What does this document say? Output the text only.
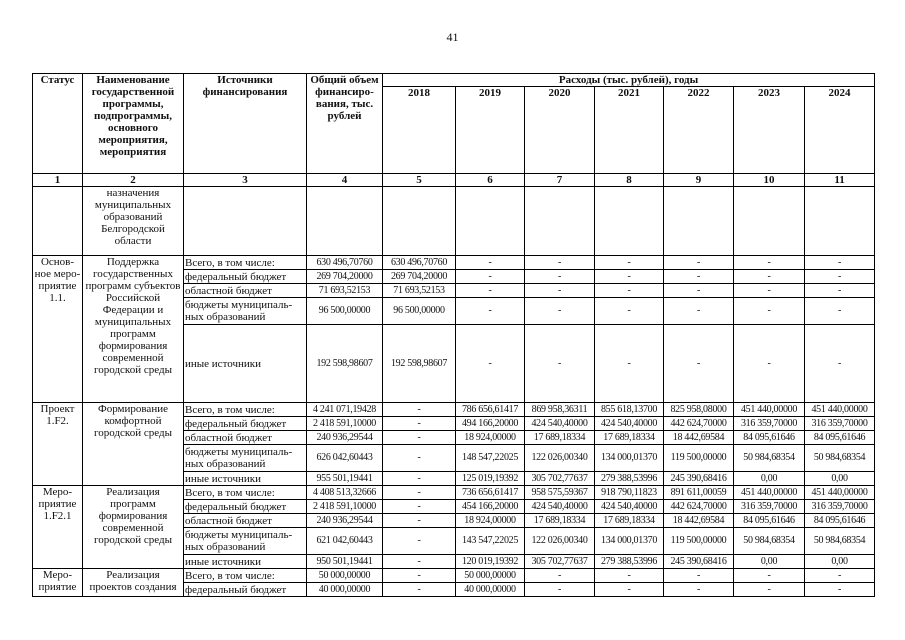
41
Статус	Наименование государственной программы, подпрограммы, основного мероприятия, мероприятия	Источники финансирования	Общий объем финансиро-вания, тыс. рублей	Расходы (тыс. рублей), годы						
				2018	2019	2020	2021	2022	2023	2024
1	2	3	4	5	6	7	8	9	10	11
	назначения муниципальных образований Белгородской области									
Основ-ное меро-приятие 1.1.	Поддержка государственных программ субъектов Российской Федерации и муниципальных программ формирования современной городской среды	Всего, в том числе:	630 496,70760	630 496,70760	-	-	-	-	-	-
		федеральный бюджет	269 704,20000	269 704,20000	-	-	-	-	-	-
		областной бюджет	71 693,52153	71 693,52153	-	-	-	-	-	-
		бюджеты муниципаль-ных образований	96 500,00000	96 500,00000	-	-	-	-	-	-
		иные источники	192 598,98607	192 598,98607	-	-	-	-	-	-
Проект 1.F2.	Формирование комфортной городской среды	Всего, в том числе:	4 241 071,19428	-	786 656,61417	869 958,36311	855 618,13700	825 958,08000	451 440,00000	451 440,00000
		федеральный бюджет	2 418 591,10000	-	494 166,20000	424 540,40000	424 540,40000	442 624,70000	316 359,70000	316 359,70000
		областной бюджет	240 936,29544	-	18 924,00000	17 689,18334	17 689,18334	18 442,69584	84 095,61646	84 095,61646
		бюджеты муниципаль-ных образований	626 042,60443	-	148 547,22025	122 026,00340	134 000,01370	119 500,00000	50 984,68354	50 984,68354
		иные источники	955 501,19441	-	125 019,19392	305 702,77637	279 388,53996	245 390,68416	0,00	0,00
Меро-приятие 1.F2.1	Реализация программ формирования современной городской среды	Всего, в том числе:	4 408 513,32666	-	736 656,61417	958 575,59367	918 790,11823	891 611,00059	451 440,00000	451 440,00000
		федеральный бюджет	2 418 591,10000	-	454 166,20000	424 540,40000	424 540,40000	442 624,70000	316 359,70000	316 359,70000
		областной бюджет	240 936,29544	-	18 924,00000	17 689,18334	17 689,18334	18 442,69584	84 095,61646	84 095,61646
		бюджеты муниципаль-ных образований	621 042,60443	-	143 547,22025	122 026,00340	134 000,01370	119 500,00000	50 984,68354	50 984,68354
		иные источники	950 501,19441	-	120 019,19392	305 702,77637	279 388,53996	245 390,68416	0,00	0,00
Меро-приятие	Реализация проектов создания	Всего, в том числе:	50 000,00000	-	50 000,00000	-	-	-	-	-
		федеральный бюджет	40 000,00000	-	40 000,00000	-	-	-	-	-
